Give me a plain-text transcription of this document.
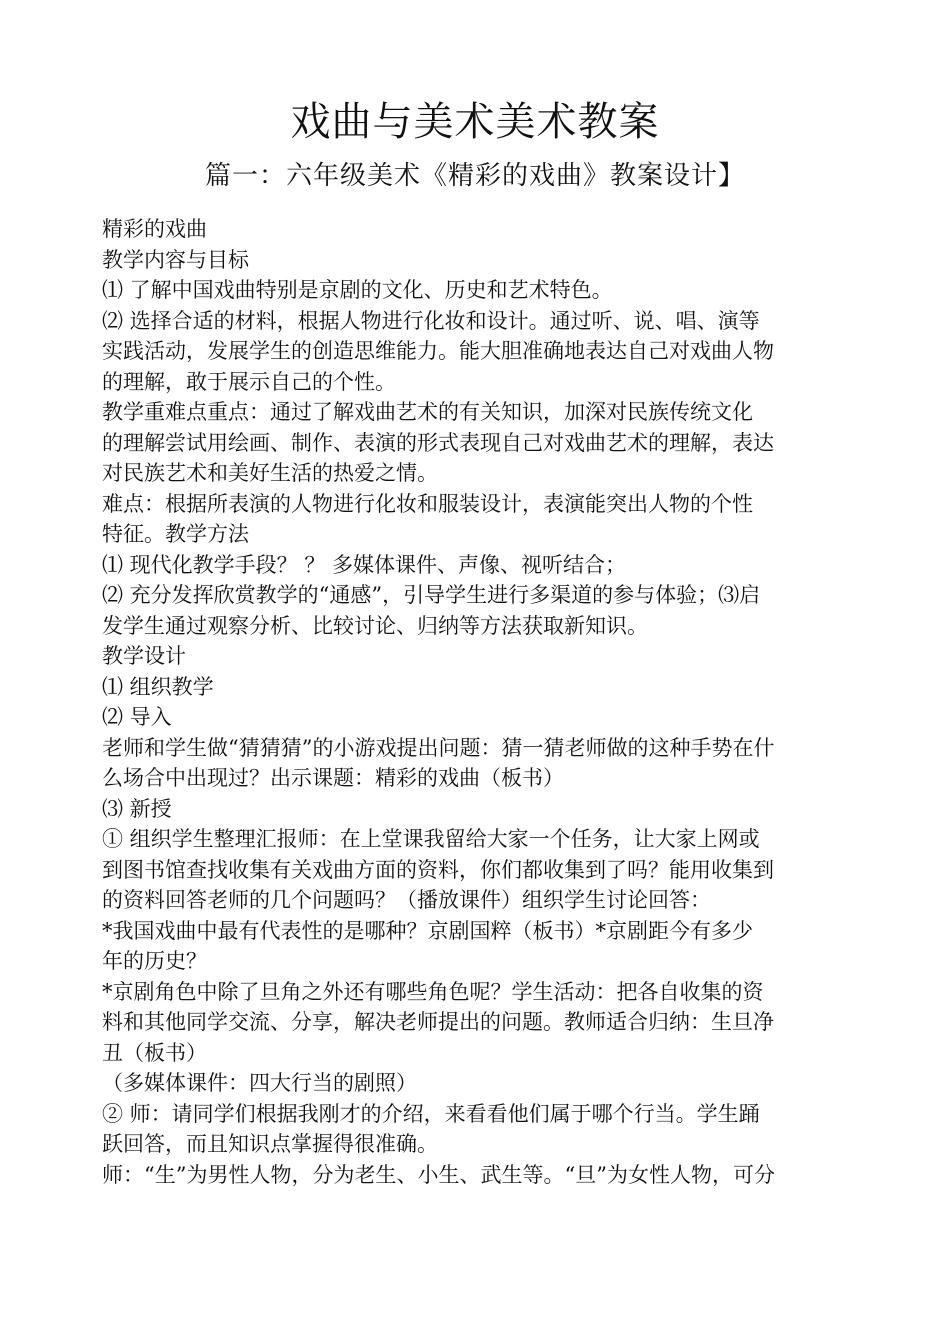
戏曲与美术美术教案
篇一：六年级美术《精彩的戏曲》教案设计】
精彩的戏曲
教学内容与目标
⑴ 了解中国戏曲特别是京剧的文化、历史和艺术特色。
⑵ 选择合适的材料，根据人物进行化妆和设计。通过听、说、唱、演等
实践活动，发展学生的创造思维能力。能大胆准确地表达自己对戏曲人物
的理解，敢于展示自己的个性。
教学重难点重点：通过了解戏曲艺术的有关知识，加深对民族传统文化
的理解尝试用绘画、制作、表演的形式表现自己对戏曲艺术的理解，表达
对民族艺术和美好生活的热爱之情。
难点：根据所表演的人物进行化妆和服装设计，表演能突出人物的个性
特征。教学方法
⑴ 现代化教学手段？ ？ 多媒体课件、声像、视听结合；
⑵ 充分发挥欣赏教学的“通感”，引导学生进行多渠道的参与体验；⑶启
发学生通过观察分析、比较讨论、归纳等方法获取新知识。
教学设计
⑴ 组织教学
⑵ 导入
老师和学生做“猜猜猜”的小游戏提出问题：猜一猜老师做的这种手势在什
么场合中出现过？出示课题：精彩的戏曲（板书）
⑶ 新授
① 组织学生整理汇报师：在上堂课我留给大家一个任务，让大家上网或
到图书馆查找收集有关戏曲方面的资料，你们都收集到了吗？能用收集到
的资料回答老师的几个问题吗？（播放课件）组织学生讨论回答：
*我国戏曲中最有代表性的是哪种？京剧国粹（板书）*京剧距今有多少
年的历史？
*京剧角色中除了旦角之外还有哪些角色呢？学生活动：把各自收集的资
料和其他同学交流、分享，解决老师提出的问题。教师适合归纳：生旦净
丑（板书）
（多媒体课件：四大行当的剧照）
② 师：请同学们根据我刚才的介绍，来看看他们属于哪个行当。学生踊
跃回答，而且知识点掌握得很准确。
师：“生”为男性人物，分为老生、小生、武生等。“旦”为女性人物，可分
